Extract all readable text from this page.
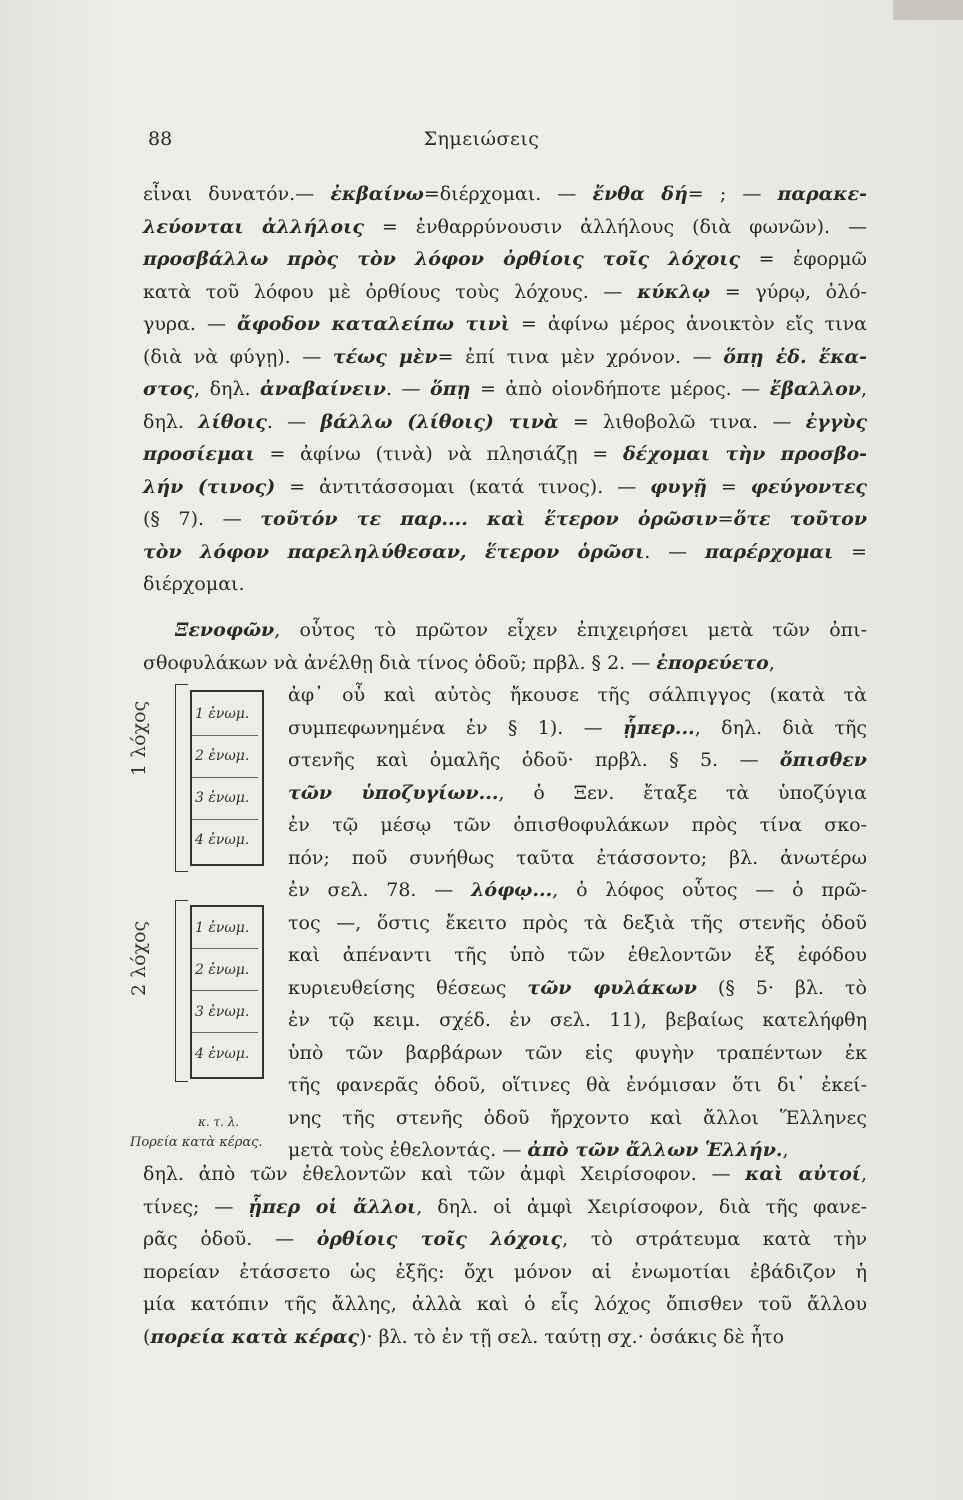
Σημειώσεις
88
εἶναι δυνατόν.— ἐκβαίνω=διέρχομαι. — ἔνθα δή= ; — παρακε-
λεύονται ἀλλήλοις = ἐνθαρρύνουσιν ἀλλήλους (διὰ φωνῶν). —
προσβάλλω πρὸς τὸν λόφον ὀρθίοις τοῖς λόχοις = ἐφορμῶ
κατὰ τοῦ λόφου μὲ ὀρθίους τοὺς λόχους. — κύκλῳ = γύρῳ, ὁλό-
γυρα. — ἄφοδον καταλείπω τινὶ = ἀφίνω μέρος ἀνοικτὸν εἴς τινα
(διὰ νὰ φύγῃ). — τέως μὲν= ἐπί τινα μὲν χρόνον. — ὅπῃ ἑδ. ἕκα-
στος, δηλ. ἀναβαίνειν. — ὅπῃ = ἀπὸ οἱονδήποτε μέρος. — ἔβαλλον,
δηλ. λίθοις. — βάλλω (λίθοις) τινὰ = λιθοβολῶ τινα. — ἐγγὺς
προσίεμαι = ἀφίνω (τινὰ) νὰ πλησιάζῃ = δέχομαι τὴν προσβο-
λήν (τινος) = ἀντιτάσσομαι (κατά τινος). — φυγῇ = φεύγοντες
(§ 7). — τοῦτόν τε παρ.... καὶ ἕτερον ὁρῶσιν=ὅτε τοῦτον
τὸν λόφον παρεληλύθεσαν, ἕτερον ὁρῶσι. — παρέρχομαι =
διέρχομαι.
Ξενοφῶν, οὗτος τὸ πρῶτον εἶχεν ἐπιχειρήσει μετὰ τῶν ὀπι-
σθοφυλάκων νὰ ἀνέλθῃ διὰ τίνος ὁδοῦ; πρβλ. § 2. — ἐπορεύετο,
ἀφ᾽ οὗ καὶ αὐτὸς ἤκουσε τῆς σάλπιγγος (κατὰ τὰ
συμπεφωνημένα ἐν § 1). — ᾗπερ..., δηλ. διὰ τῆς
στενῆς καὶ ὁμαλῆς ὁδοῦ· πρβλ. § 5. — ὄπισθεν
τῶν ὑποζυγίων..., ὁ Ξεν. ἔταξε τὰ ὑποζύγια
ἐν τῷ μέσῳ τῶν ὀπισθοφυλάκων πρὸς τίνα σκο-
πόν; ποῦ συνήθως ταῦτα ἐτάσσοντο; βλ. ἀνωτέρω
ἐν σελ. 78. — λόφῳ..., ὁ λόφος οὗτος — ὁ πρῶ-
τος —, ὅστις ἔκειτο πρὸς τὰ δεξιὰ τῆς στενῆς ὁδοῦ
καὶ ἀπέναντι τῆς ὑπὸ τῶν ἐθελοντῶν ἐξ ἐφόδου
κυριευθείσης θέσεως τῶν φυλάκων (§ 5· βλ. τὸ
ἐν τῷ κειμ. σχέδ. ἐν σελ. 11), βεβαίως κατελήφθη
ὑπὸ τῶν βαρβάρων τῶν εἰς φυγὴν τραπέντων ἐκ
τῆς φανερᾶς ὁδοῦ, οἵτινες θὰ ἐνόμισαν ὅτι δι᾽ ἐκεί-
νης τῆς στενῆς ὁδοῦ ἤρχοντο καὶ ἄλλοι Ἕλληνες
μετὰ τοὺς ἐθελοντάς. — ἀπὸ τῶν ἄλλων Ἑλλήν.,
δηλ. ἀπὸ τῶν ἐθελοντῶν καὶ τῶν ἀμφὶ Χειρίσοφον. — καὶ αὐτοί,
τίνες; — ᾗπερ οἱ ἄλλοι, δηλ. οἱ ἀμφὶ Χειρίσοφον, διὰ τῆς φανε-
ρᾶς ὁδοῦ. — ὀρθίοις τοῖς λόχοις, τὸ στράτευμα κατὰ τὴν
πορείαν ἐτάσσετο ὡς ἑξῆς: ὄχι μόνον αἱ ἐνωμοτίαι ἐβάδιζον ἡ
μία κατόπιν τῆς ἄλλης, ἀλλὰ καὶ ὁ εἷς λόχος ὄπισθεν τοῦ ἄλλου
(πορεία κατὰ κέρας)· βλ. τὸ ἐν τῇ σελ. ταύτῃ σχ.· ὁσάκις δὲ ἦτο
1 λόχος
2 λόχος
1 ἐνωμ.
2 ἐνωμ.
3 ἐνωμ.
4 ἐνωμ.
1 ἐνωμ.
2 ἐνωμ.
3 ἐνωμ.
4 ἐνωμ.
κ. τ. λ.
Πορεία κατὰ κέρας.
